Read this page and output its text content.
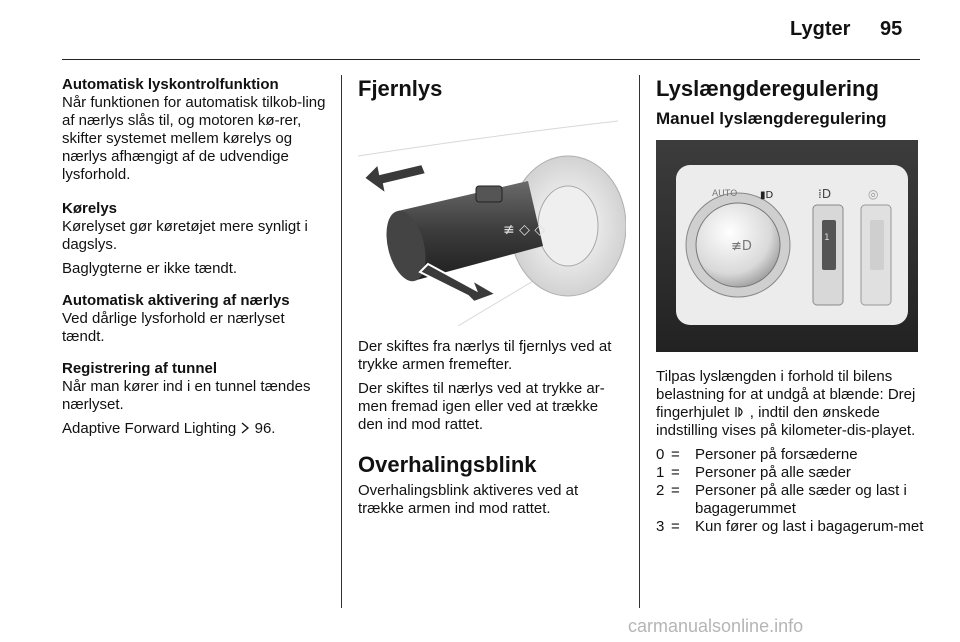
Lygter 95
Automatisk lyskontrolfunktion

Når funktionen for automatisk tilkob-ling af nærlys slås til, og motoren kø-rer, skifter systemet mellem kørelys og nærlys afhængigt af de udvendige lysforhold.

Kørelys

Kørelyset gør køretøjet mere synligt i dagslys.

Baglygterne er ikke tændt.

Automatisk aktivering af nærlys

Ved dårlige lysforhold er nærlyset tændt.

Registrering af tunnel

Når man kører ind i en tunnel tændes nærlyset.

Adaptive Forward Lighting 96.

Fjernlys
≢ ◇ ◇

Der skiftes fra nærlys til fjernlys ved at trykke armen fremefter.

Der skiftes til nærlys ved at trykke ar-men fremad igen eller ved at trække den ind mod rattet.

Overhalingsblink

Overhalingsblink aktiveres ved at trække armen ind mod rattet.

Lyslængderegulering
Manuel lyslængderegulering
≢D
AUTO ▮D
1
⁞D	◎

Tilpas lyslængden i forhold til bilens belastning for at undgå at blænde: Drej fingerhjulet , indtil den ønskede indstilling vises på kilometer-dis-playet.

0 =	Personer på forsæderne
1 =	Personer på alle sæder
2 =	Personer på alle sæder og last i bagagerummet
3 =	Kun fører og last i bagagerum-met
carmanualsonline.info
